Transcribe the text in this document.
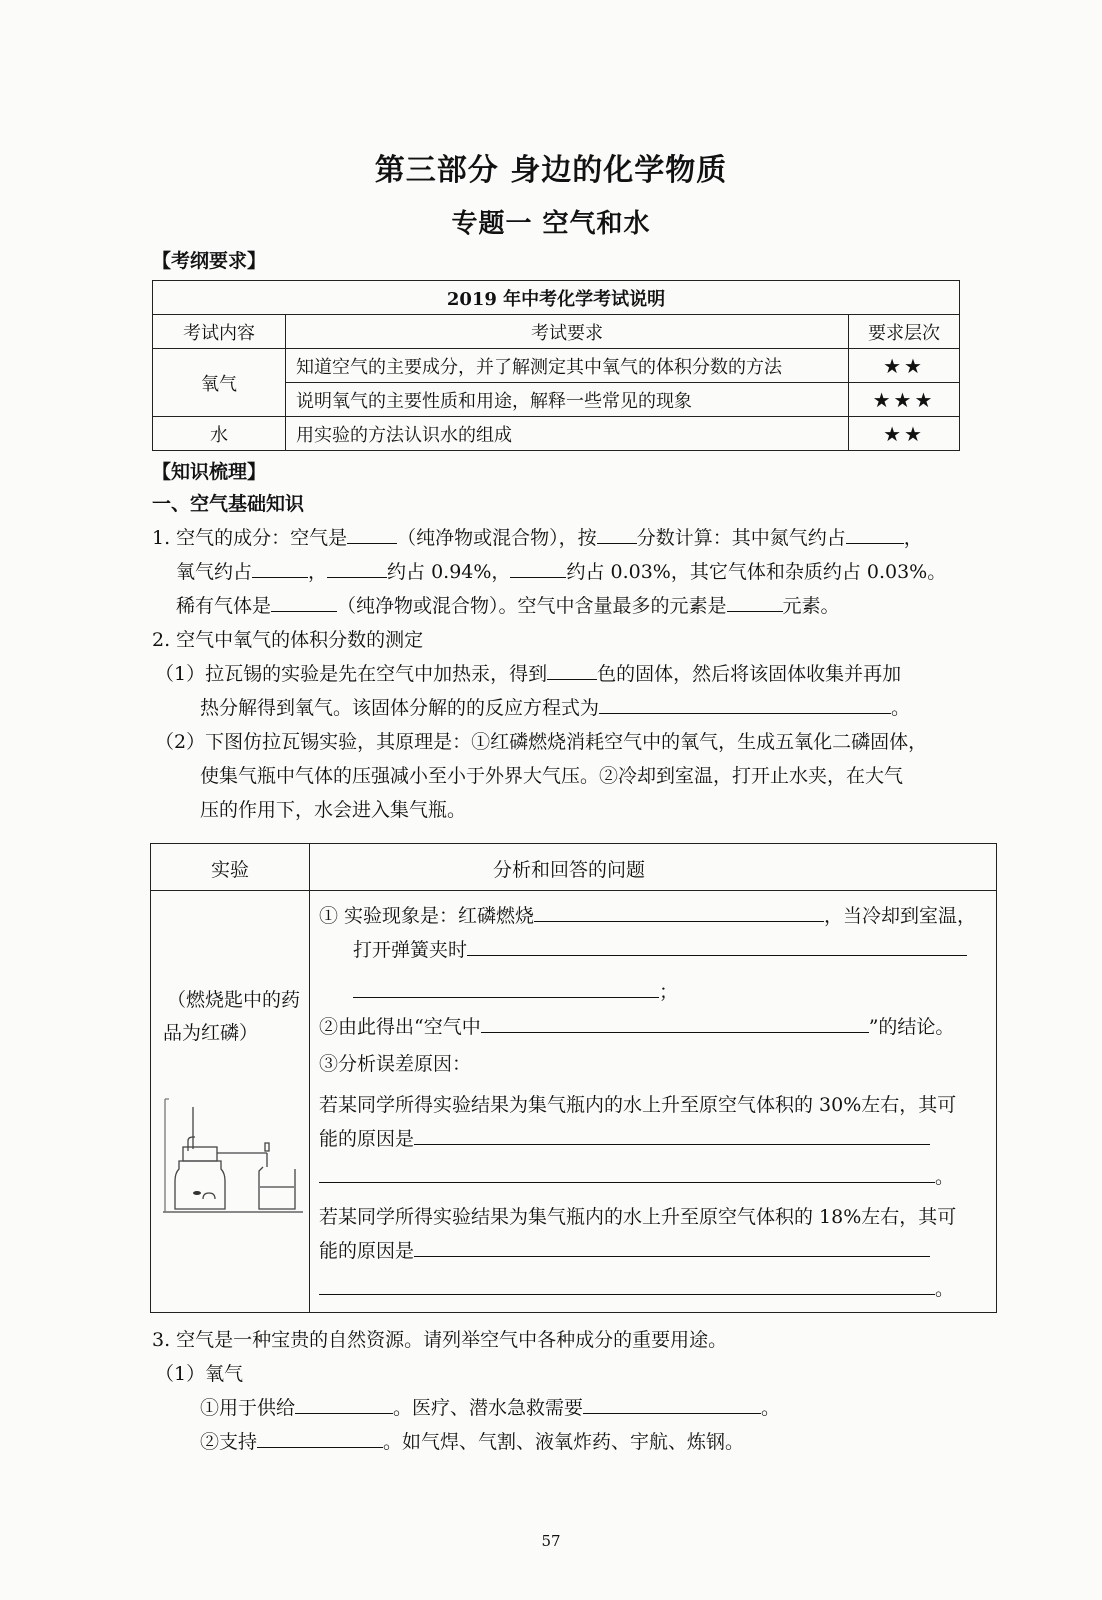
第三部分 身边的化学物质
专题一 空气和水
【考纲要求】
2019 年中考化学考试说明		
考试内容	考试要求	要求层次
氧气	知道空气的主要成分，并了解测定其中氧气的体积分数的方法	★★
	说明氧气的主要性质和用途，解释一些常见的现象	★★★
水	用实验的方法认识水的组成	★★
【知识梳理】
一、空气基础知识
1. 空气的成分：空气是	（纯净物或混合物），按 分数计算：其中氮气约占	，
氧气约占	，	约占 0.94%，	约占 0.03%，其它气体和杂质约占 0.03%。
稀有气体是	（纯净物或混合物）。空气中含量最多的元素是	元素。
2. 空气中氧气的体积分数的测定
（1）拉瓦锡的实验是先在空气中加热汞，得到	色的固体，然后将该固体收集并再加
热分解得到氧气。该固体分解的的反应方程式为	。
（2）下图仿拉瓦锡实验，其原理是：①红磷燃烧消耗空气中的氧气，生成五氧化二磷固体，
使集气瓶中气体的压强减小至小于外界大气压。②冷却到室温，打开止水夹，在大气
压的作用下，水会进入集气瓶。
实验	分析和回答的问题
（燃烧匙中的药
品为红磷）
① 实验现象是：红磷燃烧	，当冷却到室温，
打开弹簧夹时
；
②由此得出“空气中	”的结论。
③分析误差原因：
若某同学所得实验结果为集气瓶内的水上升至原空气体积的 30%左右，其可
能的原因是
。
若某同学所得实验结果为集气瓶内的水上升至原空气体积的 18%左右，其可
能的原因是
。
3. 空气是一种宝贵的自然资源。请列举空气中各种成分的重要用途。
（1）氧气
①用于供给	。医疗、潜水急救需要	。
②支持	。如气焊、气割、液氧炸药、宇航、炼钢。
57
